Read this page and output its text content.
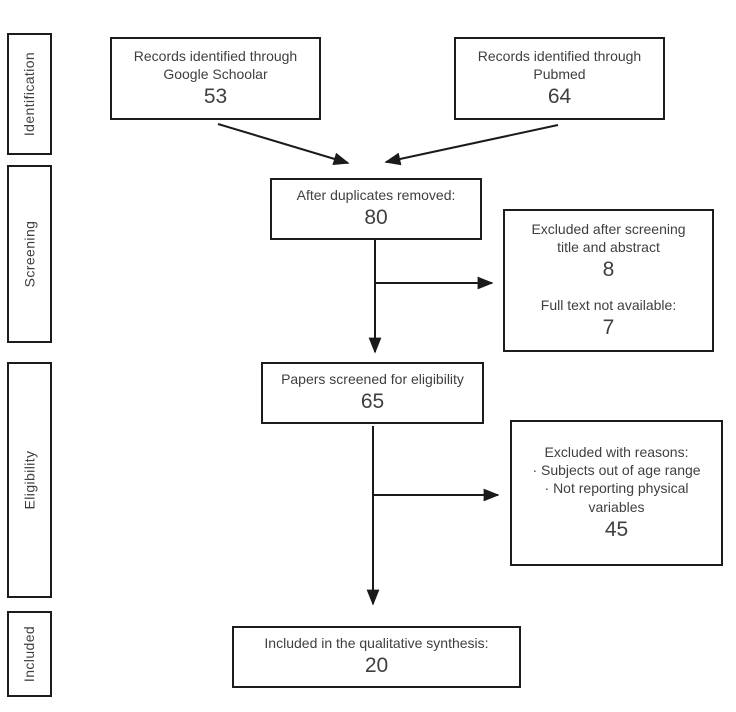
Identification
Screening
Eligibility
Included
Records identified through
Google Schoolar
53
Records identified through
Pubmed
64
After duplicates removed:
80	Excluded after screening
title and abstract
8
Full text not available:
7
Papers screened for eligibility
65
Excluded with reasons:
· Subjects out of age range
· Not reporting physical variables
45
Included in the qualitative synthesis:
20
